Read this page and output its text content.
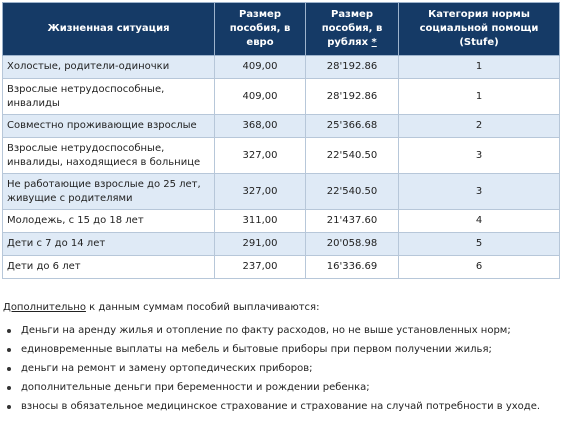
Жизненная ситуация	Размер пособия, в евро	Размер пособия, в рублях *	Категория нормы социальной помощи (Stufe)
Холостые, родители-одиночки	409,00	28'192.86	1
Взрослые нетрудоспособные, инвалиды	409,00	28'192.86	1
Совместно проживающие взрослые	368,00	25'366.68	2
Взрослые нетрудоспособные, инвалиды, находящиеся в больнице	327,00	22'540.50	3
Не работающие взрослые до 25 лет, живущие с родителями	327,00	22'540.50	3
Молодежь, с 15 до 18 лет	311,00	21'437.60	4
Дети с 7 до 14 лет	291,00	20'058.98	5
Дети до 6 лет	237,00	16'336.69	6
Дополнительно к данным суммам пособий выплачиваются:
Деньги на аренду жилья и отопление по факту расходов, но не выше установленных норм;
единовременные выплаты на мебель и бытовые приборы при первом получении жилья;
деньги на ремонт и замену ортопедических приборов;
дополнительные деньги при беременности и рождении ребенка;
взносы в обязательное медицинское страхование и страхование на случай потребности в уходе.
